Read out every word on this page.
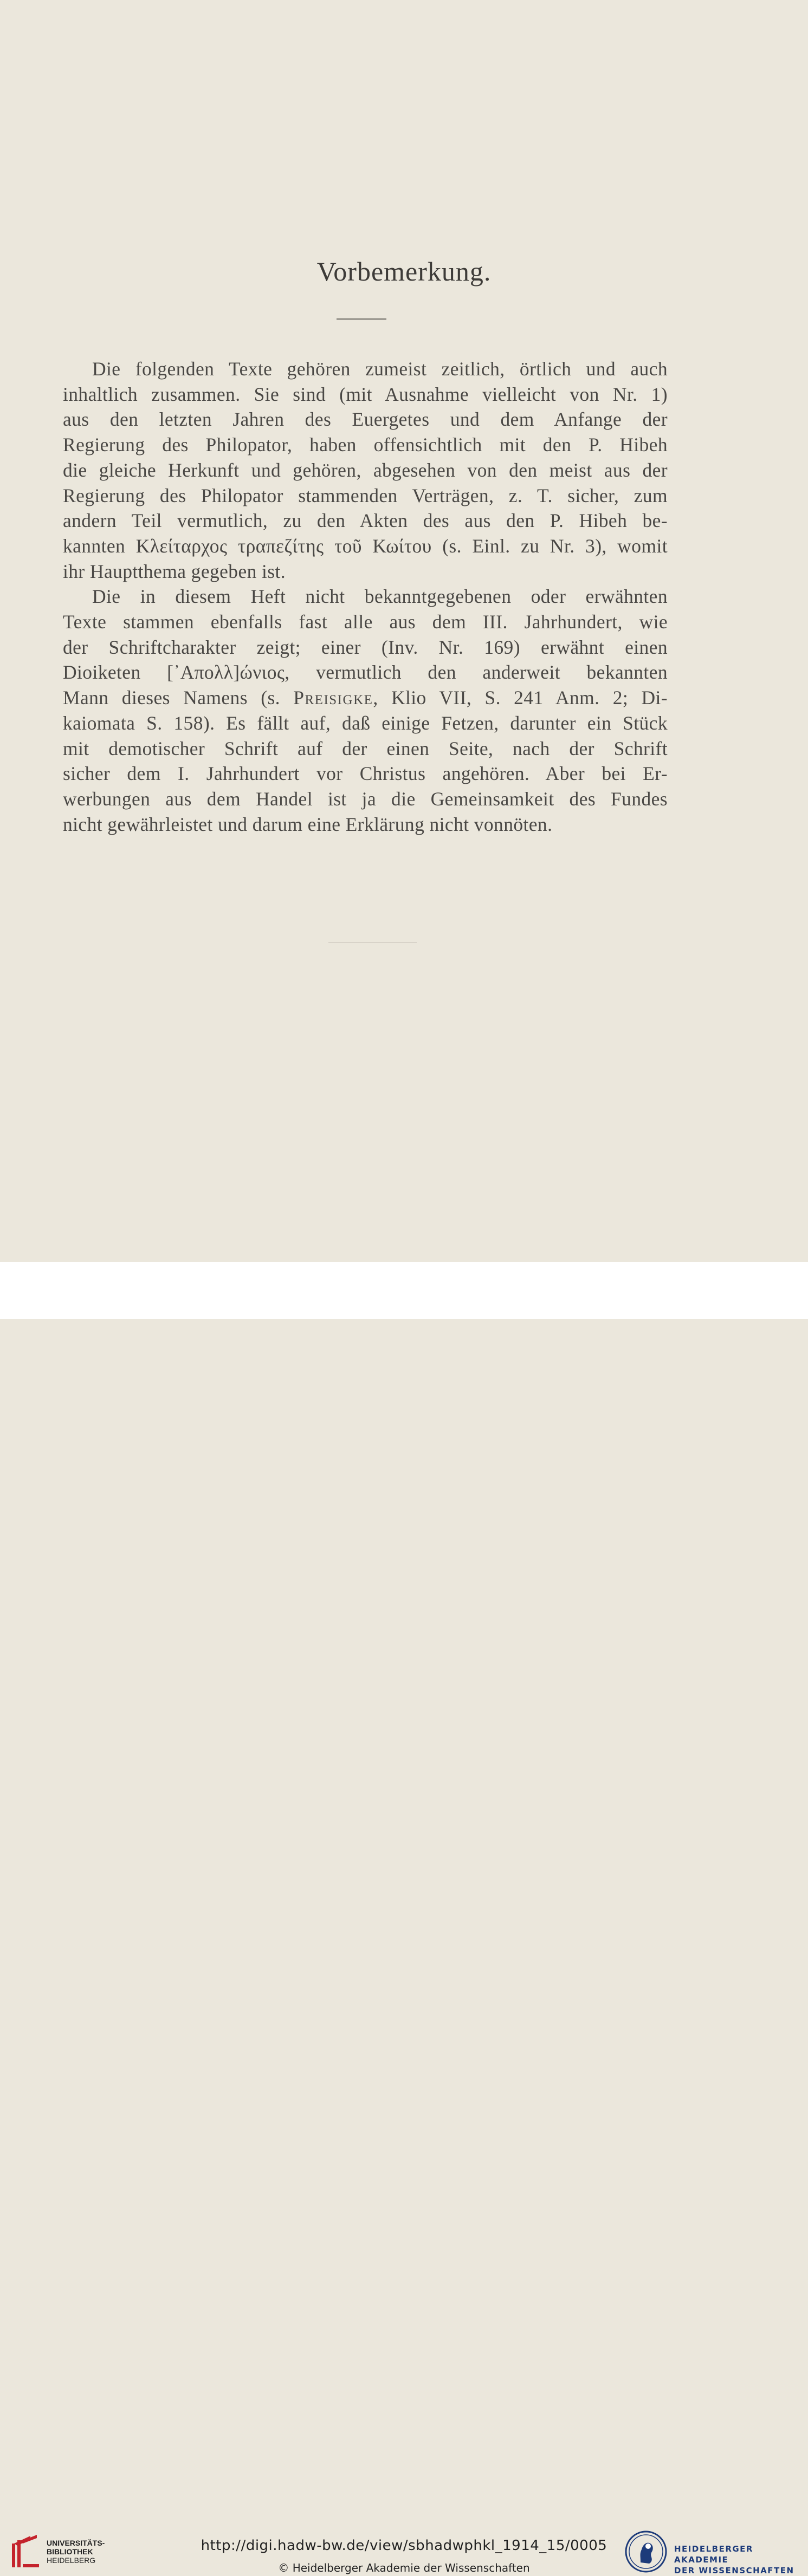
Vorbemerkung.
Die folgenden Texte gehören zumeist zeitlich, örtlich und auch
inhaltlich zusammen. Sie sind (mit Ausnahme vielleicht von Nr. 1)
aus den letzten Jahren des Euergetes und dem Anfange der
Regierung des Philopator, haben offensichtlich mit den P. Hibeh
die gleiche Herkunft und gehören, abgesehen von den meist aus der
Regierung des Philopator stammenden Verträgen, z. T. sicher, zum
andern Teil vermutlich, zu den Akten des aus den P. Hibeh be-
kannten Κλείταρχος τραπεζίτης τοῦ Κωίτου (s. Einl. zu Nr. 3), womit
ihr Hauptthema gegeben ist.
Die in diesem Heft nicht bekanntgegebenen oder erwähnten
Texte stammen ebenfalls fast alle aus dem III. Jahrhundert, wie
der Schriftcharakter zeigt; einer (Inv. Nr. 169) erwähnt einen
Dioiketen [᾿Απολλ]ώνιος, vermutlich den anderweit bekannten
Mann dieses Namens (s. Preisigke, Klio VII, S. 241 Anm. 2; Di-
kaiomata S. 158). Es fällt auf, daß einige Fetzen, darunter ein Stück
mit demotischer Schrift auf der einen Seite, nach der Schrift
sicher dem I. Jahrhundert vor Christus angehören. Aber bei Er-
werbungen aus dem Handel ist ja die Gemeinsamkeit des Fundes
nicht gewährleistet und darum eine Erklärung nicht vonnöten.
UNIVERSITÄTS-
BIBLIOTHEK
HEIDELBERG
http://digi.hadw-bw.de/view/sbhadwphkl_1914_15/0005
© Heidelberger Akademie der Wissenschaften
HEIDELBERGER AKADEMIE
DER WISSENSCHAFTEN
